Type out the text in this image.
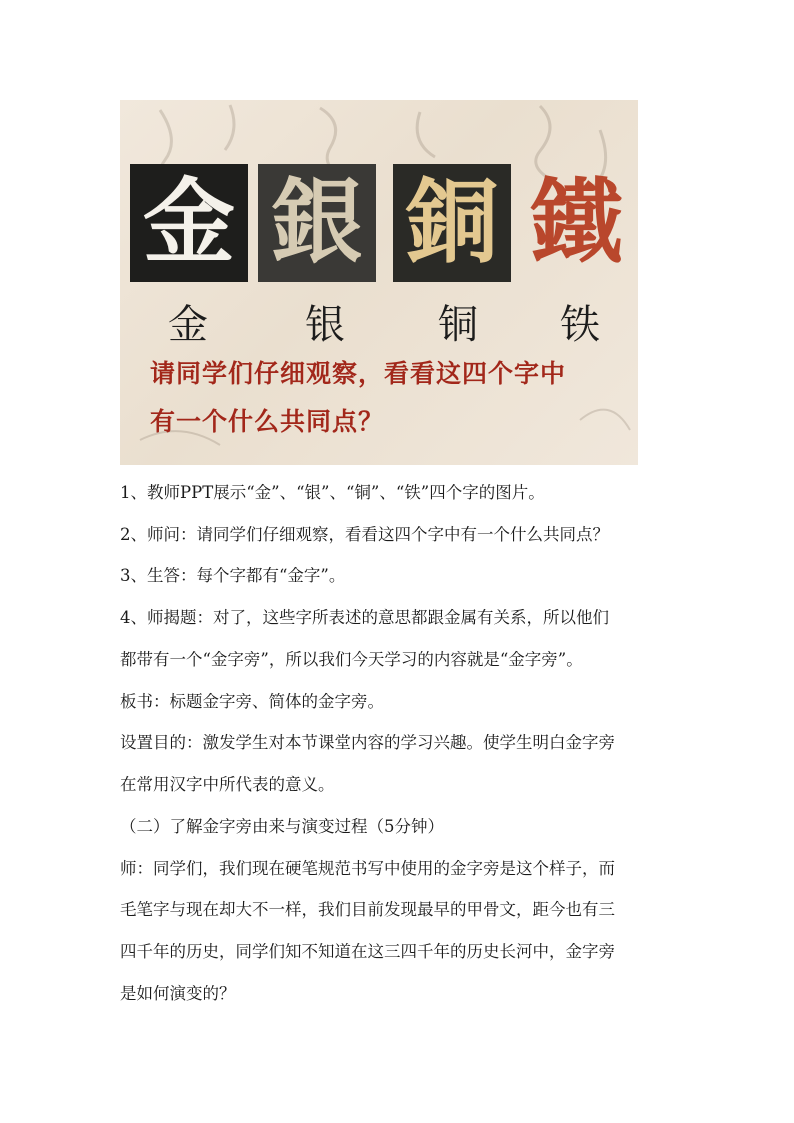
金 銀 銅 鐵
金 银 铜 铁
请同学们仔细观察，看看这四个字中
有一个什么共同点？

1、教师PPT展示“金”、“银”、“铜”、“铁”四个字的图片。

2、师问：请同学们仔细观察，看看这四个字中有一个什么共同点？

3、生答：每个字都有“金字”。

4、师揭题：对了，这些字所表述的意思都跟金属有关系，所以他们

都带有一个“金字旁”，所以我们今天学习的内容就是“金字旁”。

板书：标题金字旁、简体的金字旁。

设置目的：激发学生对本节课堂内容的学习兴趣。使学生明白金字旁

在常用汉字中所代表的意义。

（二）了解金字旁由来与演变过程（5分钟）

师：同学们，我们现在硬笔规范书写中使用的金字旁是这个样子，而

毛笔字与现在却大不一样，我们目前发现最早的甲骨文，距今也有三

四千年的历史，同学们知不知道在这三四千年的历史长河中，金字旁

是如何演变的？
